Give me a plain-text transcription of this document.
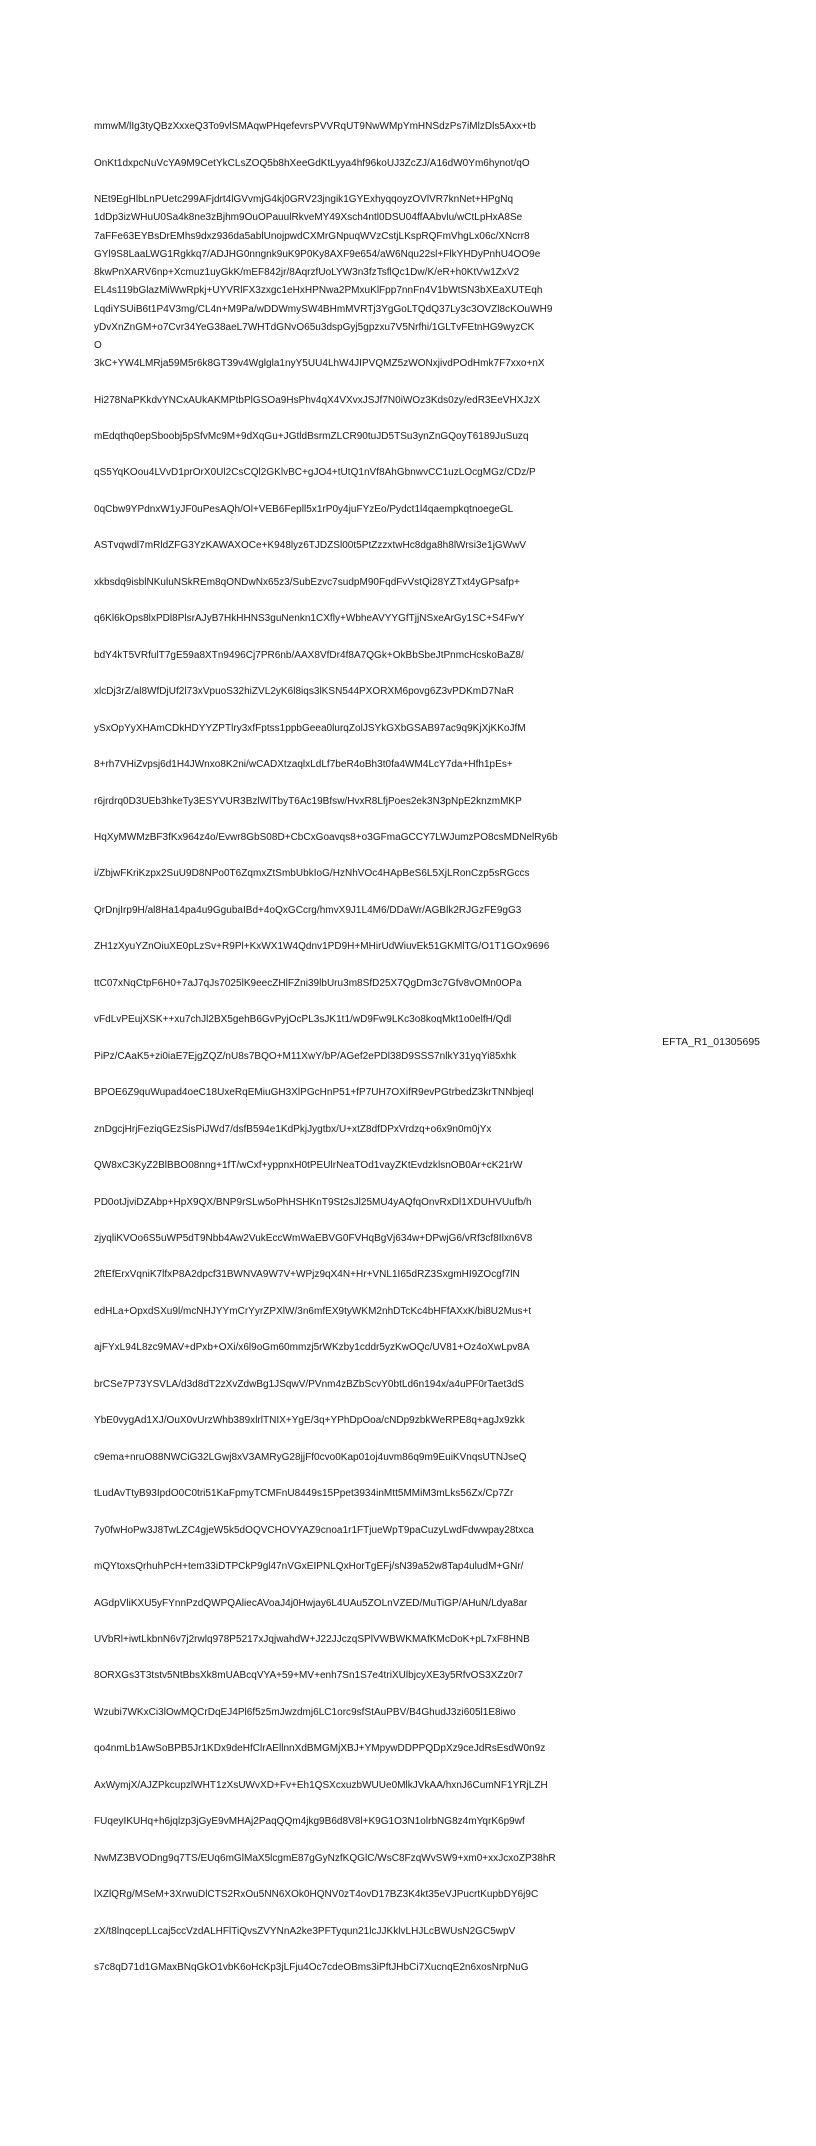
mmwM/lIg3tyQBzXxxeQ3To9vlSMAqwPHqefevrsPVVRqUT9NwWMpYmHNSdzPs7iMlzDls5Axx+tb

OnKt1dxpcNuVcYA9M9CetYkCLsZOQ5b8hXeeGdKtLyya4hf96koUJ3ZcZJ/A16dW0Ym6hynot/qO

NEt9EgHlbLnPUetc299AFjdrt4lGVvmjG4kj0GRV23jngik1GYExhyqqoyzOVlVR7knNet+HPgNq

7aFFe63EYBsDrEMhs9dxz936da5ablUnojpwdCXMrGNpuqWVzCstjLKspRQFmVhgLx06c/XNcrr8

8kwPnXARV6np+Xcmuz1uyGkK/mEF842jr/8AqrzfUoLYW3n3fzTsflQc1Dw/K/eR+h0KtVw1ZxV2

LqdiYSUiB6t1P4V3mg/CL4n+M9Pa/wDDWmySW4BHmMVRTj3YgGoLTQdQ37Ly3c3OVZl8cKOuWH9

O

1dDp3izWHuU0Sa4k8ne3zBjhm9OuOPauulRkveMY49Xsch4ntl0DSU04ffAAbvlu/wCtLpHxA8Se

GYl9S8LaaLWG1Rgkkq7/ADJHG0nngnk9uK9P0Ky8AXF9e654/aW6Nqu22sl+FlkYHDyPnhU4OO9e

EL4s119bGlazMiWwRpkj+UYVRlFX3zxgc1eHxHPNwa2PMxuKlFpp7nnFn4V1bWtSN3bXEaXUTEqh

yDvXnZnGM+o7Cvr34YeG38aeL7WHTdGNvO65u3dspGyj5gpzxu7V5Nrfhi/1GLTvFEtnHG9wyzCK

3kC+YW4LMRja59M5r6k8GT39v4Wglgla1nyY5UU4LhW4JIPVQMZ5zWONxjivdPOdHmk7F7xxo+nX

Hi278NaPKkdvYNCxAUkAKMPtbPlGSOa9HsPhv4qX4VXvxJSJf7N0iWOz3Kds0zy/edR3EeVHXJzX

mEdqthq0epSboobj5pSfvMc9M+9dXqGu+JGtldBsrmZLCR90tuJD5TSu3ynZnGQoyT6189JuSuzq

qS5YqKOou4LVvD1prOrX0Ul2CsCQl2GKlvBC+gJO4+tUtQ1nVf8AhGbnwvCC1uzLOcgMGz/CDz/P

0qCbw9YPdnxW1yJF0uPesAQh/Ol+VEB6Fepll5x1rP0y4juFYzEo/Pydct1l4qaempkqtnoegeGL

ASTvqwdl7mRldZFG3YzKAWAXOCe+K948lyz6TJDZSl00t5PtZzzxtwHc8dga8h8lWrsi3e1jGWwV

xkbsdq9isblNKuluNSkREm8qONDwNx65z3/SubEzvc7sudpM90FqdFvVstQi28YZTxt4yGPsafp+

q6Kl6kOps8lxPDl8PlsrAJyB7HkHHNS3guNenkn1CXfly+WbheAVYYGfTjjNSxeArGy1SC+S4FwY

bdY4kT5VRfulT7gE59a8XTn9496Cj7PR6nb/AAX8VfDr4f8A7QGk+OkBbSbeJtPnmcHcskoBaZ8/

xlcDj3rZ/al8WfDjUf2l73xVpuoS32hiZVL2yK6l8iqs3lKSN544PXORXM6povg6Z3vPDKmD7NaR

ySxOpYyXHAmCDkHDYYZPTlry3xfFptss1ppbGeea0lurqZolJSYkGXbGSAB97ac9q9KjXjKKoJfM

8+rh7VHiZvpsj6d1H4JWnxo8K2ni/wCADXtzaqlxLdLf7beR4oBh3t0fa4WM4LcY7da+Hfh1pEs+

r6jrdrq0D3UEb3hkeTy3ESYVUR3BzlWlTbyT6Ac19Bfsw/HvxR8LfjPoes2ek3N3pNpE2knzmMKP

HqXyMWMzBF3fKx964z4o/Evwr8GbS08D+CbCxGoavqs8+o3GFmaGCCY7LWJumzPO8csMDNelRy6b

i/ZbjwFKriKzpx2SuU9D8NPo0T6ZqmxZtSmbUbkIoG/HzNhVOc4HApBeS6L5XjLRonCzp5sRGccs

QrDnjIrp9H/al8Ha14pa4u9GgubaIBd+4oQxGCcrg/hmvX9J1L4M6/DDaWr/AGBlk2RJGzFE9gG3

ZH1zXyuYZnOiuXE0pLzSv+R9Pl+KxWX1W4Qdnv1PD9H+MHirUdWiuvEk51GKMlTG/O1T1GOx9696

ttC07xNqCtpF6H0+7aJ7qJs7025lK9eecZHlFZni39lbUru3m8SfD25X7QgDm3c7Gfv8vOMn0OPa

vFdLvPEujXSK++xu7chJl2BX5gehB6GvPyjOcPL3sJK1t1/wD9Fw9LKc3o8koqMkt1o0elfH/Qdl

PiPz/CAaK5+zi0iaE7EjgZQZ/nU8s7BQO+M11XwY/bP/AGef2ePDl38D9SSS7nlkY31yqYi85xhk

BPOE6Z9quWupad4oeC18UxeRqEMiuGH3XlPGcHnP51+fP7UH7OXifR9evPGtrbedZ3krTNNbjeql

znDgcjHrjFeziqGEzSisPiJWd7/dsfB594e1KdPkjJygtbx/U+xtZ8dfDPxVrdzq+o6x9n0m0jYx

QW8xC3KyZ2BlBBO08nng+1fT/wCxf+yppnxH0tPEUlrNeaTOd1vayZKtEvdzklsnOB0Ar+cK21rW

PD0otJjviDZAbp+HpX9QX/BNP9rSLw5oPhHSHKnT9St2sJl25MU4yAQfqOnvRxDl1XDUHVUufb/h

zjyqliKVOo6S5uWP5dT9Nbb4Aw2VukEccWmWaEBVG0FVHqBgVj634w+DPwjG6/vRf3cf8Ilxn6V8

2ftEfErxVqniK7lfxP8A2dpcf31BWNVA9W7V+WPjz9qX4N+Hr+VNL1I65dRZ3SxgmHI9ZOcgf7lN

edHLa+OpxdSXu9l/mcNHJYYmCrYyrZPXlW/3n6mfEX9tyWKM2nhDTcKc4bHFfAXxK/bi8U2Mus+t

ajFYxL94L8zc9MAV+dPxb+OXi/x6l9oGm60mmzj5rWKzby1cddr5yzKwOQc/UV81+Oz4oXwLpv8A

brCSe7P73YSVLA/d3d8dT2zXvZdwBg1JSqwV/PVnm4zBZbScvY0btLd6n194x/a4uPF0rTaet3dS

YbE0vygAd1XJ/OuX0vUrzWhb389xlrlTNIX+YgE/3q+YPhDpOoa/cNDp9zbkWeRPE8q+agJx9zkk

c9ema+nruO88NWCiG32LGwj8xV3AMRyG28jjFf0cvo0Kap01oj4uvm86q9m9EuiKVnqsUTNJseQ

tLudAvTtyB93IpdO0C0tri51KaFpmyTCMFnU8449s15Ppet3934inMtt5MMiM3mLks56Zx/Cp7Zr

7y0fwHoPw3J8TwLZC4gjeW5k5dOQVCHOVYAZ9cnoa1r1FTjueWpT9paCuzyLwdFdwwpay28txca

mQYtoxsQrhuhPcH+tem33iDTPCkP9gl47nVGxEIPNLQxHorTgEFj/sN39a52w8Tap4uludM+GNr/

AGdpVliKXU5yFYnnPzdQWPQAliecAVoaJ4j0Hwjay6L4UAu5ZOLnVZED/MuTiGP/AHuN/Ldya8ar

UVbRl+iwtLkbnN6v7j2rwlq978P5217xJqjwahdW+J22JJczqSPlVWBWKMAfKMcDoK+pL7xF8HNB

8ORXGs3T3tstv5NtBbsXk8mUABcqVYA+59+MV+enh7Sn1S7e4triXUlbjcyXE3y5RfvOS3XZz0r7

Wzubi7WKxCi3lOwMQCrDqEJ4Pl6f5z5mJwzdmj6LC1orc9sfStAuPBV/B4GhudJ3zi605l1E8iwo

qo4nmLb1AwSoBPB5Jr1KDx9deHfClrAEllnnXdBMGMjXBJ+YMpywDDPPQDpXz9ceJdRsEsdW0n9z

AxWymjX/AJZPkcupzlWHT1zXsUWvXD+Fv+Eh1QSXcxuzbWUUe0MlkJVkAA/hxnJ6CumNF1YRjLZH

FUqeyIKUHq+h6jqlzp3jGyE9vMHAj2PaqQQm4jkg9B6d8V8l+K9G1O3N1olrbNG8z4mYqrK6p9wf

NwMZ3BVODng9q7TS/EUq6mGlMaX5lcgmE87gGyNzfKQGlC/WsC8FzqWvSW9+xm0+xxJcxoZP38hR

lXZlQRg/MSeM+3XrwuDlCTS2RxOu5NN6XOk0HQNV0zT4ovD17BZ3K4kt35eVJPucrtKupbDY6j9C

zX/t8lnqcepLLcaj5ccVzdALHFlTiQvsZVYNnA2ke3PFTyqun21lcJJKklvLHJLcBWUsN2GC5wpV

s7c8qD71d1GMaxBNqGkO1vbK6oHcKp3jLFju4Oc7cdeOBms3iPftJHbCi7XucnqE2n6xosNrpNuG

EFTA_R1_01305695
